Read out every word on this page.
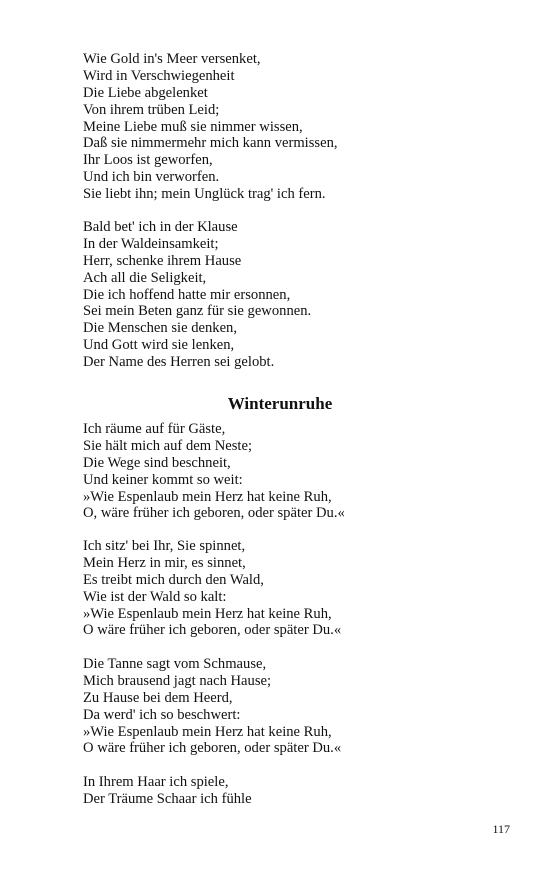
Wie Gold in's Meer versenket,
Wird in Verschwiegenheit
Die Liebe abgelenket
Von ihrem trüben Leid;
Meine Liebe muß sie nimmer wissen,
Daß sie nimmermehr mich kann vermissen,
Ihr Loos ist geworfen,
Und ich bin verworfen.
Sie liebt ihn; mein Unglück trag' ich fern.
Bald bet' ich in der Klause
In der Waldeinsamkeit;
Herr, schenke ihrem Hause
Ach all die Seligkeit,
Die ich hoffend hatte mir ersonnen,
Sei mein Beten ganz für sie gewonnen.
Die Menschen sie denken,
Und Gott wird sie lenken,
Der Name des Herren sei gelobt.
Winterunruhe
Ich räume auf für Gäste,
Sie hält mich auf dem Neste;
Die Wege sind beschneit,
Und keiner kommt so weit:
»Wie Espenlaub mein Herz hat keine Ruh,
O, wäre früher ich geboren, oder später Du.«
Ich sitz' bei Ihr, Sie spinnet,
Mein Herz in mir, es sinnet,
Es treibt mich durch den Wald,
Wie ist der Wald so kalt:
»Wie Espenlaub mein Herz hat keine Ruh,
O wäre früher ich geboren, oder später Du.«
Die Tanne sagt vom Schmause,
Mich brausend jagt nach Hause;
Zu Hause bei dem Heerd,
Da werd' ich so beschwert:
»Wie Espenlaub mein Herz hat keine Ruh,
O wäre früher ich geboren, oder später Du.«
In Ihrem Haar ich spiele,
Der Träume Schaar ich fühle
117
